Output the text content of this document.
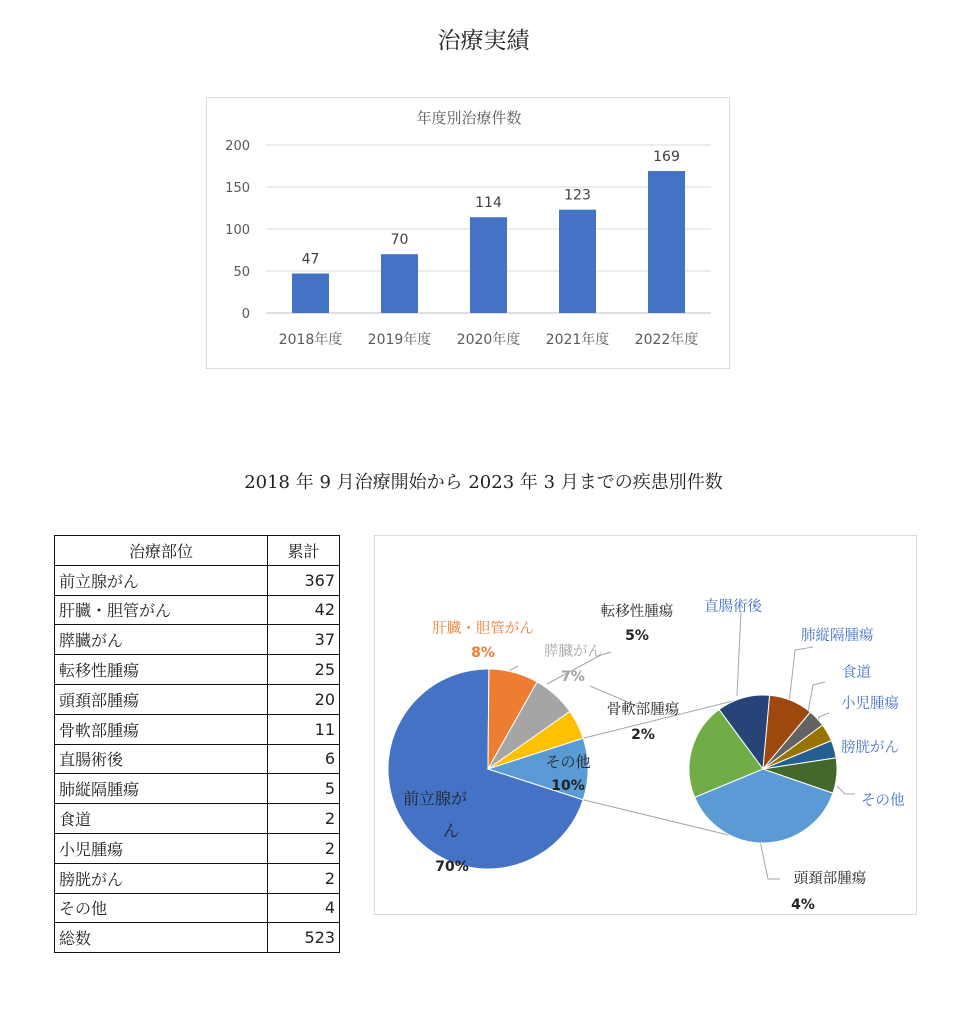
治療実績
年度別治療件数
0
50
100
150
200
47
2018年度
70
2019年度
114
2020年度
123
2021年度
169
2022年度
2018 年 9 月治療開始から 2023 年 3 月までの疾患別件数
治療部位	累計
前立腺がん	367
肝臓・胆管がん	42
膵臓がん	37
転移性腫瘍	25
頭頚部腫瘍	20
骨軟部腫瘍	11
直腸術後	6
肺縦隔腫瘍	5
食道	2
小児腫瘍	2
膀胱がん	2
その他	4
総数	523
前立腺が
ん
70%
肝臓・胆管がん
8%	膵臓がん
7%
転移性腫瘍
5%
その他
10%
骨軟部腫瘍
2%
直腸術後
肺縦隔腫瘍
食道
小児腫瘍
膀胱がん
その他
頭頚部腫瘍
4%
